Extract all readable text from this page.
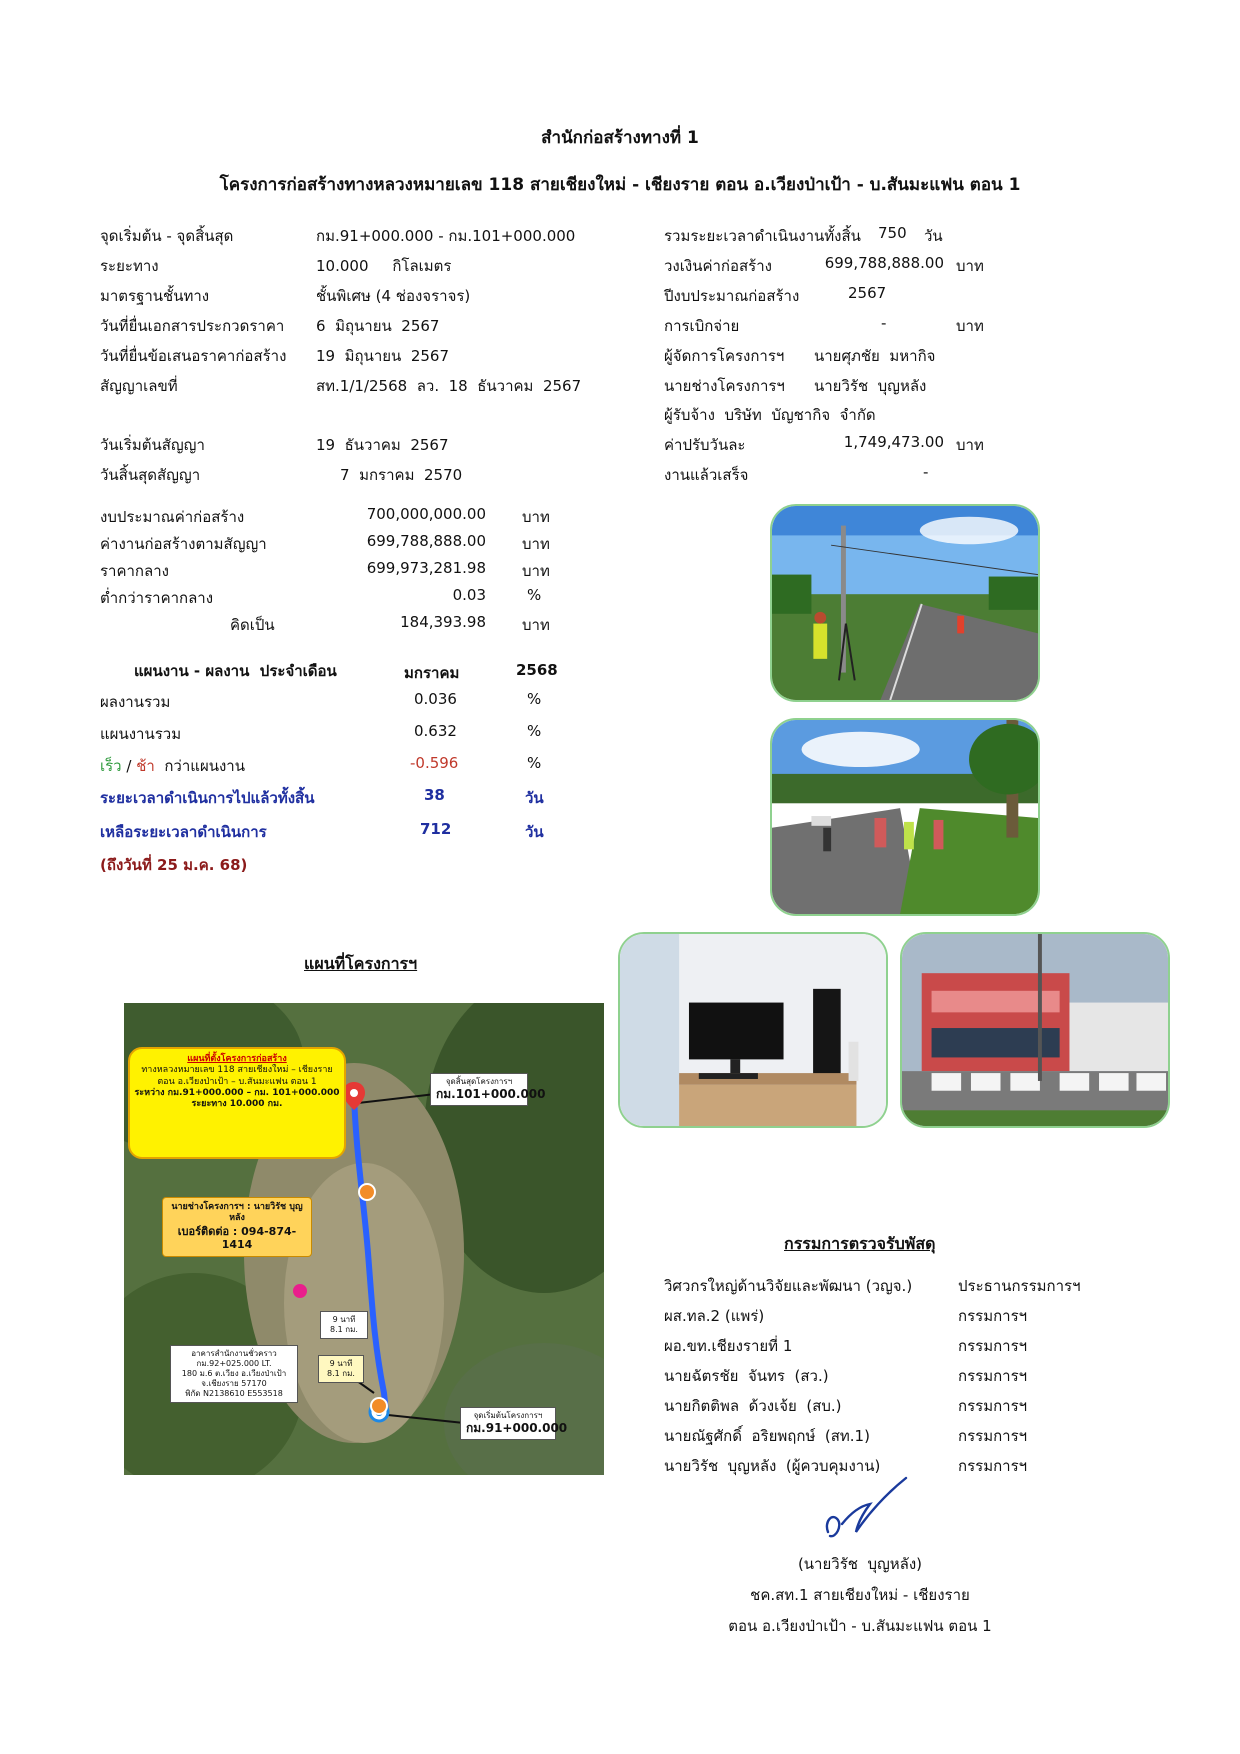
สำนักก่อสร้างทางที่ 1
โครงการก่อสร้างทางหลวงหมายเลข 118 สายเชียงใหม่ - เชียงราย ตอน อ.เวียงป่าเป้า - บ.สันมะแฟน ตอน 1
จุดเริ่มต้น - จุดสิ้นสุด	กม.91+000.000 - กม.101+000.000
ระยะทาง	10.000     กิโลเมตร
มาตรฐานชั้นทาง	ชั้นพิเศษ (4 ช่องจราจร)
วันที่ยื่นเอกสารประกวดราคา 6  มิถุนายน  2567
วันที่ยื่นข้อเสนอราคาก่อสร้าง 19  มิถุนายน  2567
สัญญาเลขที่	สท.1/1/2568  ลว.  18  ธันวาคม  2567
วันเริ่มต้นสัญญา	19  ธันวาคม  2567
วันสิ้นสุดสัญญา	7  มกราคม  2570
รวมระยะเวลาดำเนินงานทั้งสิ้น 750 วัน
วงเงินค่าก่อสร้าง	699,788,888.00 บาท
ปีงบประมาณก่อสร้าง	2567
การเบิกจ่าย	-	บาท
ผู้จัดการโครงการฯ นายศุภชัย  มหากิจ
นายช่างโครงการฯ นายวิรัช  บุญหลัง
ผู้รับจ้าง  บริษัท  บัญชากิจ  จำกัด
ค่าปรับวันละ	1,749,473.00 บาท
งานแล้วเสร็จ	-
งบประมาณค่าก่อสร้าง	700,000,000.00 บาท
ค่างานก่อสร้างตามสัญญา	699,788,888.00 บาท
ราคากลาง	699,973,281.98 บาท
ต่ำกว่าราคากลาง	0.03	%
คิดเป็น	184,393.98 บาท
แผนงาน - ผลงาน  ประจำเดือน	มกราคม	2568
ผลงานรวม	0.036	%
แผนงานรวม	0.632	%
เร็ว / ช้า  กว่าแผนงาน	-0.596	%
ระยะเวลาดำเนินการไปแล้วทั้งสิ้น	38	วัน
เหลือระยะเวลาดำเนินการ	712	วัน
(ถึงวันที่ 25 ม.ค. 68)
แผนที่โครงการฯ
แผนที่ตั้งโครงการก่อสร้าง
ทางหลวงหมายเลข 118 สายเชียงใหม่ – เชียงราย
ตอน อ.เวียงป่าเป้า – บ.สันมะแฟน ตอน 1
ระหว่าง กม.91+000.000 – กม. 101+000.000
ระยะทาง 10.000 กม.
จุดสิ้นสุดโครงการฯ
กม.101+000.000
นายช่างโครงการฯ : นายวิรัช บุญหลัง
เบอร์ติดต่อ : 094-874-1414
9 นาที
8.1 กม.
9 นาที
8.1 กม.
อาคารสำนักงานชั่วคราว
กม.92+025.000 LT.
180 ม.6 ต.เวียง อ.เวียงป่าเป้า
จ.เชียงราย 57170
พิกัด N2138610 E553518
จุดเริ่มต้นโครงการฯ
กม.91+000.000
กรรมการตรวจรับพัสดุ
วิศวกรใหญ่ด้านวิจัยและพัฒนา (วญจ.)	ประธานกรรมการฯ
ผส.ทล.2 (แพร่)	กรรมการฯ
ผอ.ขท.เชียงรายที่ 1	กรรมการฯ
นายฉัตรชัย  จันทร  (สว.)	กรรมการฯ
นายกิตติพล  ด้วงเจ้ย  (สบ.)	กรรมการฯ
นายณัฐศักดิ์  อริยพฤกษ์  (สท.1)	กรรมการฯ
นายวิรัช  บุญหลัง  (ผู้ควบคุมงาน)	กรรมการฯ
(นายวิรัช  บุญหลัง)
ชค.สท.1 สายเชียงใหม่ - เชียงราย
ตอน อ.เวียงป่าเป้า - บ.สันมะแฟน ตอน 1
